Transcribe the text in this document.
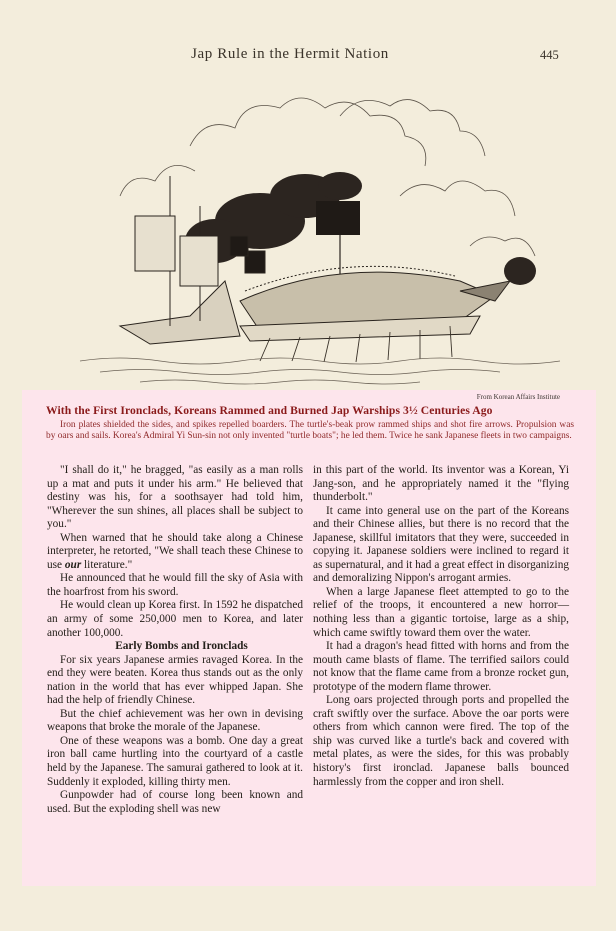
Jap Rule in the Hermit Nation	445
From Korean Affairs Institute
With the First Ironclads, Koreans Rammed and Burned Jap Warships 3½ Centuries Ago
Iron plates shielded the sides, and spikes repelled boarders. The turtle's-beak prow rammed ships and shot fire arrows. Propulsion was by oars and sails. Korea's Admiral Yi Sun-sin not only invented "turtle boats"; he led them. Twice he sank Japanese fleets in two campaigns.

"I shall do it," he bragged, "as easily as a man rolls up a mat and puts it under his arm." He believed that destiny was his, for a soothsayer had told him, "Wherever the sun shines, all places shall be subject to you."

When warned that he should take along a Chinese interpreter, he retorted, "We shall teach these Chinese to use our literature."

He announced that he would fill the sky of Asia with the hoarfrost from his sword.

He would clean up Korea first. In 1592 he dispatched an army of some 250,000 men to Korea, and later another 100,000.

Early Bombs and Ironclads

For six years Japanese armies ravaged Korea. In the end they were beaten. Korea thus stands out as the only nation in the world that has ever whipped Japan. She had the help of friendly Chinese.

But the chief achievement was her own in devising weapons that broke the morale of the Japanese.

One of these weapons was a bomb. One day a great iron ball came hurtling into the courtyard of a castle held by the Japanese. The samurai gathered to look at it. Suddenly it exploded, killing thirty men.

Gunpowder had of course long been known and used. But the exploding shell was new

in this part of the world. Its inventor was a Korean, Yi Jang-son, and he appropriately named it the "flying thunderbolt."

It came into general use on the part of the Koreans and their Chinese allies, but there is no record that the Japanese, skillful imitators that they were, succeeded in copying it. Japanese soldiers were inclined to regard it as supernatural, and it had a great effect in disorganizing and demoralizing Nippon's arrogant armies.

When a large Japanese fleet attempted to go to the relief of the troops, it encountered a new horror—nothing less than a gigantic tortoise, large as a ship, which came swiftly toward them over the water.

It had a dragon's head fitted with horns and from the mouth came blasts of flame. The terrified sailors could not know that the flame came from a bronze rocket gun, prototype of the modern flame thrower.

Long oars projected through ports and propelled the craft swiftly over the surface. Above the oar ports were others from which cannon were fired. The top of the ship was curved like a turtle's back and covered with metal plates, as were the sides, for this was probably history's first ironclad. Japanese balls bounced harmlessly from the copper and iron shell.
